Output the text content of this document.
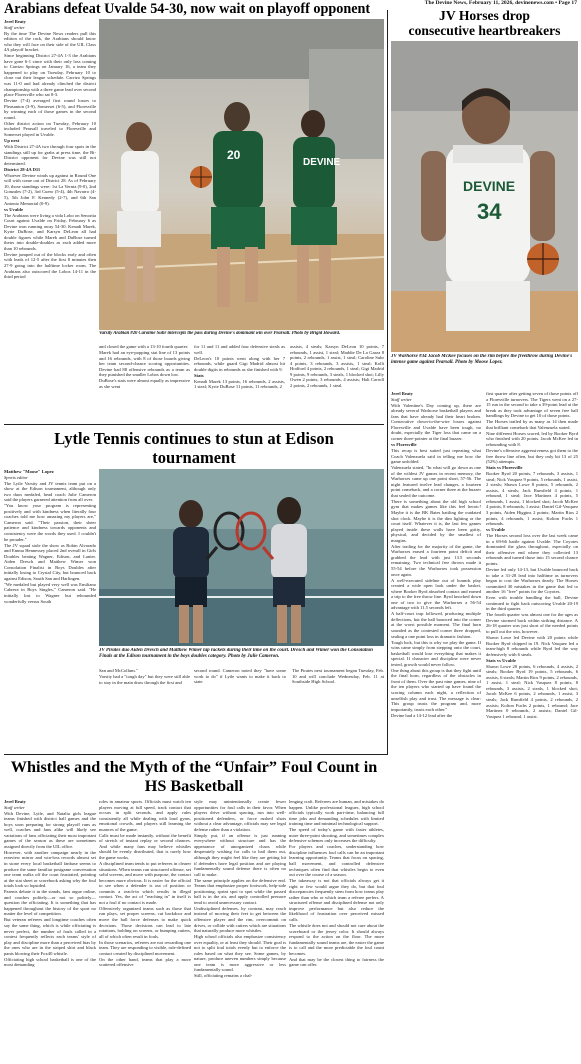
The Devine News, February 11, 2026, devinenews.com • Page 17
Arabians defeat Uvalde 54-30, now wait on playoff opponent

Jerel Beaty
Staff writer

By the time The Devine News readers pull this edition of the rack, the Arabians should know who they will face on their side of the UIL Class 4A playoff bracket.

Since beginning District 27-4A 1-3 the Arabians have gone 6-1 since with their only loss coming to Carrizo Springs on January 16, a team they happened to play on Tuesday, February 10 to close out their league schedule. Carrizo Springs was 11-0 and had already clinched the district championship with a three game lead over second place Floresville who sat 8-3.

Devine (7-4) averaged first round losses to Pleasanton (3-9), Somerset (6-5), and Floresville by winning each of those games in the second round.

Other district action on Tuesday, February 10 included Pearsall traveled to Floresville and Somerset played in Uvalde.

Up next

With District 27-4A two through four spots in the standings still up for grabs at press time, the Bi-District opponent for Devine was still not determined.

District 28-4A D11

Whoever Devine winds up against in Round One will with come out of District 28. As of February 10, those standings were: 1st La Vernia (9-0), 2nd Gonzales (7-2), 3rd Cuero (5-4), 4th Navarro (4-5), 5th John F. Kennedy (2-7), and 6th San Antonio Memorial (0-9).

vs Uvalde

The Arabians were living a vida Lobo on Senorita Court against Uvalde on Friday, February 6 as Devine won running away 54-30. Kenadi Marek, Kyrie DuBose, and Karsyn DeLeon all had double figures while Marek and DuBose turned theirs into double-doubles as each added more than 10 rebounds.

Devine jumped out of the blocks early and often with leads of 12-5 after the first 8 minutes then 27-9 going into the halftime locker room. The Arabians also outscored the Lobos 14-11 in the third period

20
DEVINE
Varsity Arabian #20 Caroline Suhr intercepts the pass during Devine's dominant win over Pearsall. Photo by Brigid Howard.

and closed the game with a 13-10 fourth quarter.

Marek had an eye-popping stat line of 13 points and 16 rebounds, with 8 of those boards giving her team second-chance scoring opportunities. Devine had 88 offensive rebounds as a team as they punished the smaller Lobos down low.

DuBose's stats were almost equally as impressive as she went

for 11 and 11 and added four defensive steals as well.

DeLeon's 10 points went along with her 7 rebounds, while guard Gigi Madrid almost hit double digits in rebounds as she finished with 9.

Stats

Kenadi Marek 13 points, 16 rebounds, 2 assists, 1 steal; Kyrie DuBose 11 points, 11 rebounds, 2

assists, 4 steals; Karsyn DeLeon 10 points, 7 rebounds, 1 assist, 1 steal; Maddie De La Garza 8 points, 2 rebounds, 1 assist, 1 steal; Caroline Suhr 4 points, 3 rebounds, 3 assists, 1 steal; Kolli Hodford 4 points, 2 rebounds, 1 steal; Gigi Madrid 9 points, 9 rebounds, 3 steals, 1 blocked shot; Lilly Owen 2 points, 3 rebounds, 4 assists; Hali Carroll 2 points, 2 rebounds, 1 steal.

JV Horses drop
consecutive heartbreakers
DEVINE
34
JV Warhorse #34 Jacob McKee focuses on the rim before the freethrow during Devine's intense game against Pearsall. Photo by Moose Lopez.

Jerel Beaty
Staff writer

With Valentine's Day coming up, there are already several Warhorse basketball players and fans that have already had their heart broken. Consecutive down-to-the-wire losses against Floresville and Uvalde have been tough, no doubt, especially the Tiger loss that came on a corner three-pointer at the final buzzer.

vs Floresville

This recap is best suited just repeating what Coach Valenzuela said in telling me how the game unfolded.

Valenzuela stated, "In what will go down as one of the wildest JV games in recent memory, the Warhorses came up one point short, 57-56. The night featured twelve lead changes, a fourteen point comeback, and a corner three at the buzzer that sealed the outcome.

There is something about the old high school gym that makes games like this feel heroic! Maybe it is the BK Bates battling the outdated shot clock. Maybe it is the dim lighting or the court itself. Whatever it is, the last few games played inside these walls have been gritty, physical, and decided by the smallest of margins.

After trailing for the majority of the game, the Warhorses erased a fourteen point deficit and grabbed the lead with just 13.5 seconds remaining. Two technical free throws made it 55-54 before the Warhorses took possession once again.

A well-executed sideline out of bounds play created a wide open look under the basket, where Booker Byrd absorbed contact and earned a trip to the free throw line. Byrd knocked down one of two to give the Warhorses a 56-54 advantage with 11.5 seconds left.

A half-court trap followed, producing multiple deflections, but the ball bounced into the corner at the worst possible moment. The final horn sounded as the contested corner three dropped, sealing a one point loss in dramatic fashion.

Tough luck, but this is why we play the game. If wins came simply from stepping onto the court, basketball would lose everything that makes it special. If character and discipline were never tested, growth would never follow.

One thing about this group is that they fight until the final horn, regardless of the obstacles in front of them. Over the past nine games, nine of the ten players who started up have found the scoring column each night, a reflection of unselfish play and trust. The message is clear: This group trusts the program and, more importantly, trusts each other."

Devine had a 14-12 lead after the

first quarter after getting seven of those points off a Floresville turnovers. The Tigers went on a 27-15 run in the second to take a 39-point lead at the break as they took advantage of seven free ball handlings by Devine to get 10 of those points.

The Horses trailed by as many as 14 then made that brilliant comeback that Valenzuela stated.

Nine different Horses scored, led by Booker Byrd who finished with 20 points. Jacob McKee led in rebounding with 8.

Devine's offensive aggressiveness got them to the free throw line often, but they only hit 13 of 25 (52%) attempts.

Stats vs Floresville

Booker Byrd 20 points, 7 rebounds, 3 assists, 1 steal; Nick Vasquez 9 points, 5 rebounds, 1 assist, 2 steals; Shawn Lowe 8 points, 5 rebounds, 2 assists, 4 steals; Jack Rumfield 4 points, 1 rebound, 1 steal; Jace Martinez 4 points, 5 rebounds, 1 assist, 1 blocked shot; Jacob McKee 4 points, 8 rebounds, 1 assist; Daniel Gil-Vasquez 3 points, Aiden Higgins 2 points; Martin Rios 2 points, 4 rebounds, 1 assist; Kolton Fuchs 1 rebounds.

vs Uvalde

The Horses second loss over the last week came in a 69-66 battle against Uvalde. The Coyotes dominated the glass throughout, especially on their offensive end where they collected 13 rebounds and turned those into 15 second chance points.

Devine led only 14-13, but Uvalde bounced back to take a 31-28 lead into halftime as turnovers began to cost the Warhorses dearly. The Horses committed 30 mistakes in the game that led to another 16 "free" points for the Coyotes.

Even with trouble handling the ball, Devine continued to fight back outscoring Uvalde 20-19 in the third quarter.

The fourth quarter was almost one for the ages as Devine stormed back within striking distance. A 26-18 quarter was just short of the needed points to pull out the win, however.

Shawn Lowe led Devine with 20 points while Booker Byrd chipped in 19. Nick Vasquez led a team-high 8 rebounds while Byrd led the way defensively with 6 steals.

Stats vs Uvalde

Shawn Lowe 20 points, 6 rebounds, 4 assists, 2 steals; Booker Byrd 19 points, 5 rebounds, 6 assists, 6 steals; Martin Rios 9 points, 2 rebounds, 1 assist, 1 steal; Nick Vasquez 8 points, 8 rebounds, 3 assists, 2 steals, 1 blocked shot; Jacob McKee 6 points, 2 rebounds, 1 assist, 3 steals; Jack Rumfield 4 points, 2 rebounds, 2 assists; Kolton Fuchs 2 points, 1 rebound; Jace Martinez 0 rebounds, 2 assists; Daniel Gil-Vasquez 1 rebound, 1 assist.

Lytle Tennis continues to stun at Edison
tournament

Matthew "Moose" Lopez
Sports editor

The Lytle Varsity and JV tennis team put on a show at the Edison tournament, although only two duos medaled, head coach Julie Cameron said the players garnered attention from all over.

"You know your program is representing positively and with kindness when literally four coaches told me how amazing my players are," Cameron said. "Their passion, their sheer patience and kindness towards opponents and consistency were the words they used. I couldn't be prouder."

The JV squad stole the show as Robin Alvarado and Emma Hennessey placed 2nd overall in Girls Doubles beating Wagner, Edison, and Lanier. Aiden Dresch and Matthew Wimer won Consolation Finalist in Boys Doubles after initially losing to Crystal City, but bounced back against Edison, South San and Harlingen.

"We medaled but played very well was Emiliano Cabrera in Boys Singles," Cameron said. "He initially lost to Wagner but rebounded wonderfully versus South

JV Pirates duo Aiden Dresch and Matthew Wimer tap rackets during their time on the court. Dresch and Wimer won the Consolation Finals at the Edison tournament in the boys doubles category. Photo by Julie Cameron.

San and McCollum."

Varsity had a "tough day" but they were still able to stay in the main draw through the first and

second round. Cameron noted they "have some work to do" if Lytle wants to make it back to state.

The Pirates next tournament began Tuesday, Feb. 10 and will conclude Wednesday, Feb. 11 at Southside High School.

Whistles and the Myth of the “Unfair” Foul Count in
HS Basketball

Jerel Beaty
Staff writer

With Devine, Lytle, and Natalia girls league teams finished with district ball games and the boys soon preparing for strong playoff runs as well, coaches and fans alike will likely see variations of fans officiating their most important games of the season as these are sometimes assigned directly from the UIL office.

However, with another campaign nearly in the rearview mirror and win-loss records almost set in stone every local basketball fanbase seems to produce the same familiar postgame conversation one team walks off the court frustrated, pointing at the stat sheet or scorebook asking why the foul totals look so lopsided.

Parents debate it in the stands, fans argue online, and coaches politely—or not so politely—question the officiating. It is something that has happened throughout the history of the sport no matter the level of competition.

But veteran referees and longtime coaches often say the same thing, which is while officiating is never perfect, the number of fouls called in a contest frequently reflects each teams' style of play and discipline more than a perceived bias by the ones who are in the striped shirt and black pants blowing their Fox40 whistle.

Officiating high school basketball is one of the most demanding

roles in amateur sports. Officials must watch ten players moving at full speed, track contact that occurs in split seconds, and apply rules consistently all while dealing with loud gyms, emotional crowds, and players still learning the nuances of the game.

Calls must be made instantly, without the benefit of stretch of instant replay or second chances. And while many fans may believe whistles should be evenly distributed, that is rarely how the game works.

A disciplined team tends to put referees in clearer situations. When teams run structured offense, set solid screens, and move with purpose, the contact becomes more obvious. It is easier for the official to see when a defender is out of position or commits a reach-in which results in illegal contact. Yes, the act of "reaching in" in itself is not a foul if no contact is made.

Offensively organized teams such as those that run plays, set proper screens, cut backdoor and move the ball force defenses to make quick decisions. Those decisions can lead to late rotations, holding on screens, or bumping cutters, all of which often result in fouls.

In those scenarios, referees are not rewarding one team. They are responding to visible, rule-defined contact created by disciplined movement.

On the other hand, teams that play a more scattered offensive

style may unintentionally create fewer opportunities for foul calls in their favor. When players drive without spacing, run into well-positioned defenders, or force rushed shots without a clear advantage, officials may see legal defense rather than a violation.

Simply put, if an offense is just running everywhere without structure and has the appearance of unorganized chaos while desperately wishing for calls to bail them out, although they might feel like they are getting hit if defenders have legal position and are playing fundamentally sound defense there is often no call to make.

The same principle applies on the defensive end. Teams that emphasize proper footwork, help-side positioning, sprint spot to spot while the passed ball is in the air, and apply controlled pressure tend to avoid unnecessary contact.

Undisciplined defenses, by contrast, may reach instead of moving their feet to get between the offensive player and the rim, overcommit on drives, or collide with cutters which are situations that naturally produce more whistles.

High school officials also emphasize consistency over equality, or at least they should. Their goal is not to split foul totals evenly but to enforce the rules based on what they see. Some games, by nature, produce uneven numbers simply because one team is more aggressive or less fundamentally sound.

Still, officiating remains a chal-

lenging craft. Referees are human, and mistakes do happen. Unlike professional leagues, high school officials typically work part-time, balancing full time jobs and demanding schedules with limited training time and minimal technological support.

The speed of today's game with faster athletes, more three-point shooting, and sometimes complex defensive schemes only increases the difficulty.

For players and coaches, understanding how discipline influences foul calls can be an important learning opportunity. Teams that focus on spacing, ball movement, and controlled defensive techniques often find that whistles begin to even out over the course of a season.

The takeaway is not that officials always get it right or few would argue they do, but that foul discrepancies frequently stem from how teams play rather than who or which team a referee prefers. A structured offense and disciplined defense not only improve performance but also reduce the likelihood of frustration over perceived missed calls.

The whistle does not and should not care about the scoreboard or the jersey color. It should always respond to the action on the floor. The more fundamentally sound teams are, the easier the game is to call and the more predictable the foul count becomes.

And that may be the closest thing to fairness the game can offer.
